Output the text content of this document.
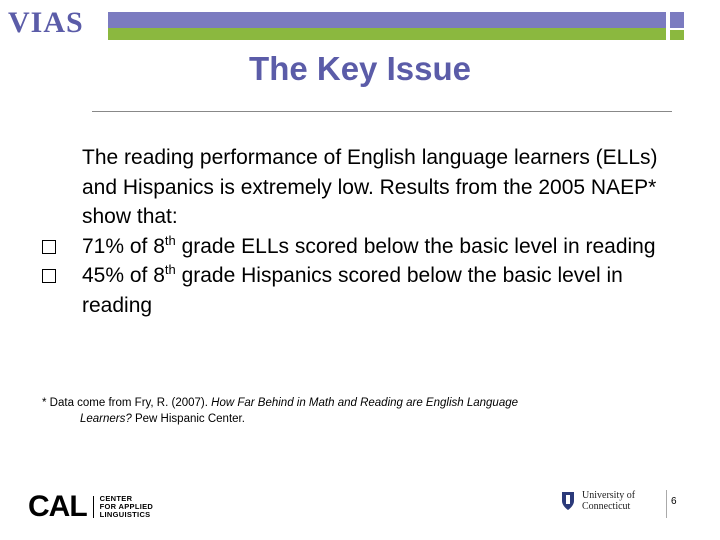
VIAS
The Key Issue

The reading performance of English language learners (ELLs) and Hispanics is extremely low. Results from the 2005 NAEP* show that:

71% of 8th grade ELLs scored below the basic level in reading

45% of 8th grade Hispanics scored below the basic level in reading

* Data come from Fry, R. (2007). How Far Behind in Math and Reading are English Language
Learners? Pew Hispanic Center.
CAL CENTER
FOR APPLIED
LINGUISTICS
University of
Connecticut	6
